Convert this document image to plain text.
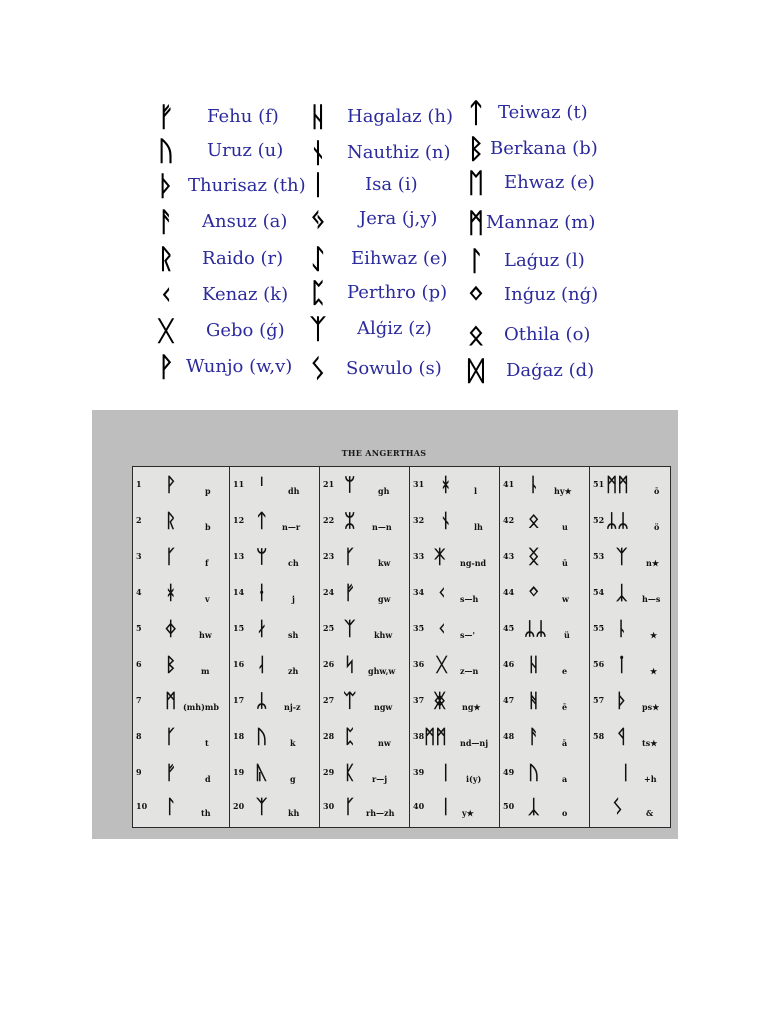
ᚠ	Fehu (f)
ᚢ	Uruz (u)
ᚦ Thurisaz (th)
ᚨ	Ansuz (a)
ᚱ	Raido (r)
ᚲ	Kenaz (k)
ᚷ	Gebo (ģ)
ᚹ Wunjo (w,v)
ᚺ	Hagalaz (h)
ᚾ	Nauthiz (n)
ᛁ	Isa (i)
ᛃ	Jera (j,y)
ᛇ	Eihwaz (e)
ᛈ	Perthro (p)
ᛉ	Alģiz (z)
ᛊ	Sowulo (s)
ᛏ Teiwaz (t)
ᛒ Berkana (b)
ᛖ	Ehwaz (e)
ᛗ Mannaz (m)
ᛚ	Laģuz (l)
ᛜ	Inģuz (nģ)
ᛟ	Othila (o)
ᛞ	Daģaz (d)
THE ANGERTHAS
1 ᚹ	p
2 ᚱ	b
3 ᚴ	f
4 ᚼ	v
5 ᛄ	hw
6 ᛒ	m
7 ᛗ (mh)mb
8 ᚴ	t
9 ᚠ	d
10 ᛚ	th
11 ᛌ	dh
12 ᛏ n—r
13 ᛘ	ch
14 ᚽ	j
15 ᛅ	sh
16 ᛆ	zh
17 ᛦ nj-z
18 ᚢ	k
19 ᚣ	g
20 ᛉ	kh
21 ᛘ	gh
22 ᛯ n—n
23 ᚴ	kw
24 ᚠ	gw
25 ᛉ khw
26 ᛋ ghw,w
27 ᛠ ngw
28 ᛈ	nw
29 ᛕ r—j
30 ᚴ rh—zh
31 ᚼ	l
32 ᚾ	lh
33 ᛡ ng-nd
34 ᚲ s—h
35 ᚲ s—'
36 ᚷ z—n
37 ᛤ ng★
38 ᛗᛗ nd—nj
39 ᛁ i(y)
40 ᛁ y★
41 ᚿ hy★
42 ᛟ	u
43 ᛝ	ū
44 ᛜ	w
45 ᛦᛦ ü
46 ᚺ	e
47 ᚻ	ē
48 ᚨ	ā
49 ᚢ	a
50 ᛣ	o
51 ᛗᛗ	ō
52 ᛦᛦ	ö
53 ᛉ n★
54 ᛣ h—s
55 ᚿ	★
56 ᛙ	★
57 ᚦ ps★
58 ᛩ ts★
ᛁ +h
ᛊ	&
